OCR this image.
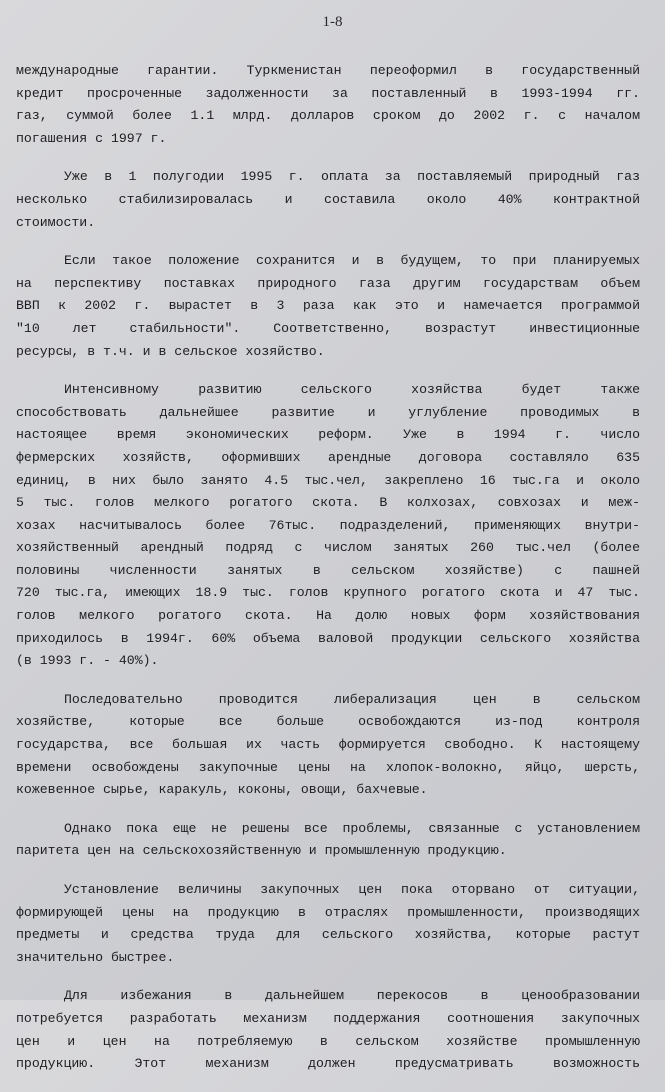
1-8

международные гарантии. Туркменистан переоформил в государственный
кредит просроченные задолженности за поставленный в 1993-1994 гг.
газ, суммой более 1.1 млрд. долларов сроком до 2002 г. с началом
погашения с 1997 г.

Уже в 1 полугодии 1995 г. оплата за поставляемый природный газ
несколько стабилизировалась и составила около 40% контрактной
стоимости.

Если такое положение сохранится и в будущем, то при планируемых
на перспективу поставках природного газа другим государствам объем
ВВП к 2002 г. вырастет в 3 раза как это и намечается программой
"10 лет стабильности". Соответственно, возрастут инвестиционные
ресурсы, в т.ч. и в сельское хозяйство.

Интенсивному развитию сельского хозяйства будет также
способствовать дальнейшее развитие и углубление проводимых в
настоящее время экономических реформ. Уже в 1994 г. число
фермерских хозяйств, оформивших арендные договора составляло 635
единиц, в них было занято 4.5 тыс.чел, закреплено 16 тыс.га и около
5 тыс. голов мелкого рогатого скота. В колхозах, совхозах и меж-
хозах насчитывалось более 76тыс. подразделений, применяющих внутри-
хозяйственный арендный подряд с числом занятых 260 тыс.чел (более
половины численности занятых в сельском хозяйстве) с пашней
720 тыс.га, имеющих 18.9 тыс. голов крупного рогатого скота и 47 тыс.
голов мелкого рогатого скота. На долю новых форм хозяйствования
приходилось в 1994г. 60% объема валовой продукции сельского хозяйства
(в 1993 г. - 40%).

Последовательно проводится либерализация цен в сельском
хозяйстве, которые все больше освобождаются из-под контроля
государства, все большая их часть формируется свободно. К настоящему
времени освобождены закупочные цены на хлопок-волокно, яйцо, шерсть,
кожевенное сырье, каракуль, коконы, овощи, бахчевые.

Однако пока еще не решены все проблемы, связанные с установлением
паритета цен на сельскохозяйственную и промышленную продукцию.

Установление величины закупочных цен пока оторвано от ситуации,
формирующей цены на продукцию в отраслях промышленности, производящих
предметы и средства труда для сельского хозяйства, которые растут
значительно быстрее.

Для избежания в дальнейшем перекосов в ценообразовании
потребуется разработать механизм поддержания соотношения закупочных
цен и цен на потребляемую в сельском хозяйстве промышленную
продукцию. Этот механизм должен предусматривать возможность
